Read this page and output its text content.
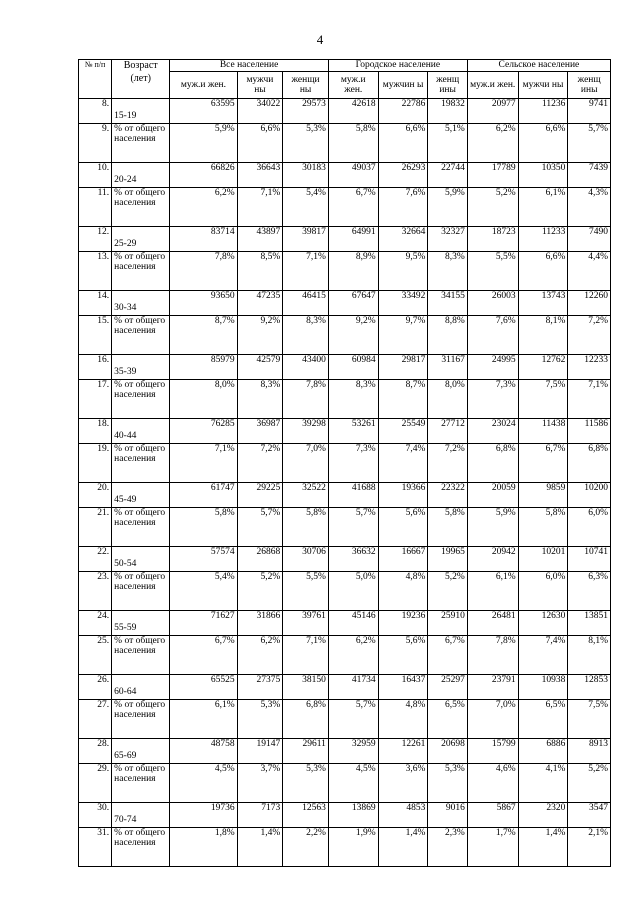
4
№ п/п	Возраст (лет)	Все население			Городское население			Сельское население		
		муж.и жен.	мужчи ны	женщи ны	муж.и жен.	мужчин ы	женщ ины	муж.и жен.	мужчи ны	женщ ины
8.	15-19	63595	34022	29573	42618	22786	19832	20977	11236	9741
9.	% от общего населения	5,9%	6,6%	5,3%	5,8%	6,6%	5,1%	6,2%	6,6%	5,7%
10.	20-24	66826	36643	30183	49037	26293	22744	17789	10350	7439
11.	% от общего населения	6,2%	7,1%	5,4%	6,7%	7,6%	5,9%	5,2%	6,1%	4,3%
12.	25-29	83714	43897	39817	64991	32664	32327	18723	11233	7490
13.	% от общего населения	7,8%	8,5%	7,1%	8,9%	9,5%	8,3%	5,5%	6,6%	4,4%
14.	30-34	93650	47235	46415	67647	33492	34155	26003	13743	12260
15.	% от общего населения	8,7%	9,2%	8,3%	9,2%	9,7%	8,8%	7,6%	8,1%	7,2%
16.	35-39	85979	42579	43400	60984	29817	31167	24995	12762	12233
17.	% от общего населения	8,0%	8,3%	7,8%	8,3%	8,7%	8,0%	7,3%	7,5%	7,1%
18.	40-44	76285	36987	39298	53261	25549	27712	23024	11438	11586
19.	% от общего населения	7,1%	7,2%	7,0%	7,3%	7,4%	7,2%	6,8%	6,7%	6,8%
20.	45-49	61747	29225	32522	41688	19366	22322	20059	9859	10200
21.	% от общего населения	5,8%	5,7%	5,8%	5,7%	5,6%	5,8%	5,9%	5,8%	6,0%
22.	50-54	57574	26868	30706	36632	16667	19965	20942	10201	10741
23.	% от общего населения	5,4%	5,2%	5,5%	5,0%	4,8%	5,2%	6,1%	6,0%	6,3%
24.	55-59	71627	31866	39761	45146	19236	25910	26481	12630	13851
25.	% от общего населения	6,7%	6,2%	7,1%	6,2%	5,6%	6,7%	7,8%	7,4%	8,1%
26.	60-64	65525	27375	38150	41734	16437	25297	23791	10938	12853
27.	% от общего населения	6,1%	5,3%	6,8%	5,7%	4,8%	6,5%	7,0%	6,5%	7,5%
28.	65-69	48758	19147	29611	32959	12261	20698	15799	6886	8913
29.	% от общего населения	4,5%	3,7%	5,3%	4,5%	3,6%	5,3%	4,6%	4,1%	5,2%
30.	70-74	19736	7173	12563	13869	4853	9016	5867	2320	3547
31.	% от общего населения	1,8%	1,4%	2,2%	1,9%	1,4%	2,3%	1,7%	1,4%	2,1%
